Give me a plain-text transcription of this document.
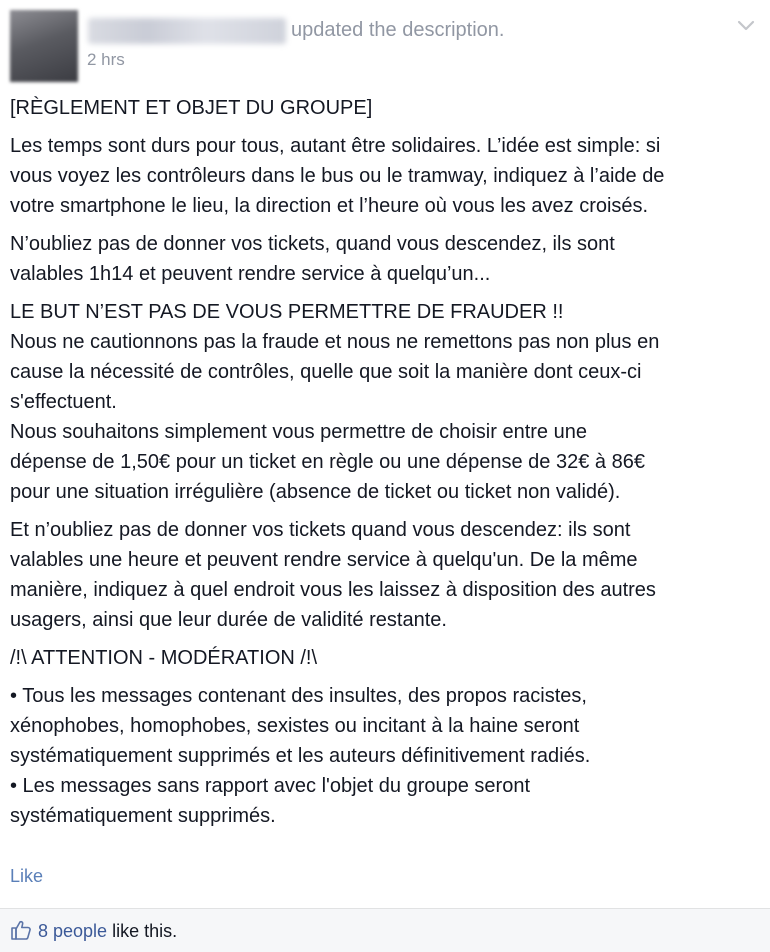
updated the description.
2 hrs
[RÈGLEMENT ET OBJET DU GROUPE]
Les temps sont durs pour tous, autant être solidaires. L’idée est simple: si
vous voyez les contrôleurs dans le bus ou le tramway, indiquez à l’aide de
votre smartphone le lieu, la direction et l’heure où vous les avez croisés.
N’oubliez pas de donner vos tickets, quand vous descendez, ils sont
valables 1h14 et peuvent rendre service à quelqu’un...
LE BUT N’EST PAS DE VOUS PERMETTRE DE FRAUDER !!
Nous ne cautionnons pas la fraude et nous ne remettons pas non plus en
cause la nécessité de contrôles, quelle que soit la manière dont ceux-ci
s'effectuent.
Nous souhaitons simplement vous permettre de choisir entre une
dépense de 1,50€ pour un ticket en règle ou une dépense de 32€ à 86€
pour une situation irrégulière (absence de ticket ou ticket non validé).
Et n’oubliez pas de donner vos tickets quand vous descendez: ils sont
valables une heure et peuvent rendre service à quelqu'un. De la même
manière, indiquez à quel endroit vous les laissez à disposition des autres
usagers, ainsi que leur durée de validité restante.
/!\ ATTENTION - MODÉRATION /!\
• Tous les messages contenant des insultes, des propos racistes,
xénophobes, homophobes, sexistes ou incitant à la haine seront
systématiquement supprimés et les auteurs définitivement radiés.
• Les messages sans rapport avec l'objet du groupe seront
systématiquement supprimés.
Like
8 people like this.
